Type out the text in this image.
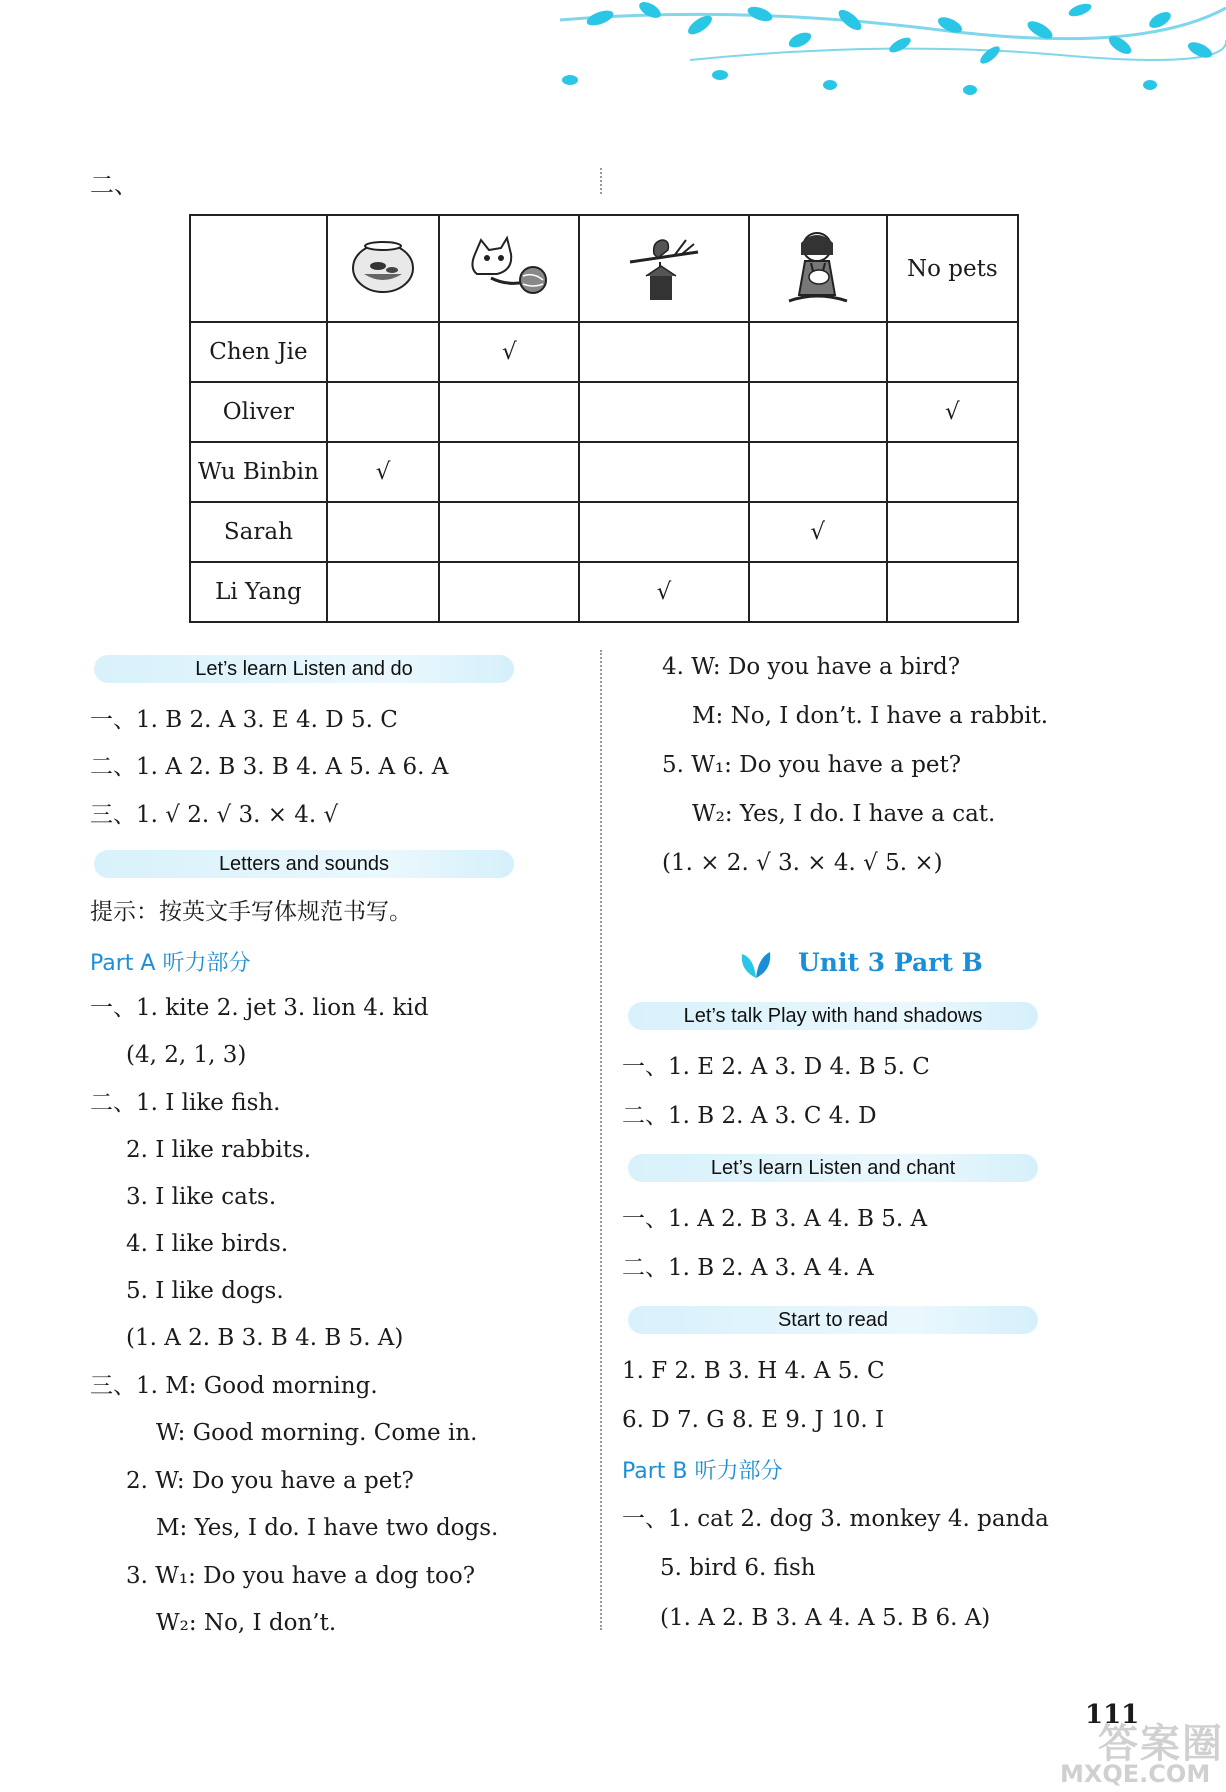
二、
					No pets
Chen Jie		√			
Oliver					√
Wu Binbin	√				
Sarah				√	
Li Yang			√		
Let’s learn Listen and do
一、1. B 2. A 3. E 4. D 5. C
二、1. A 2. B 3. B 4. A 5. A 6. A
三、1. √ 2. √ 3. × 4. √
Letters and sounds
提示：按英文手写体规范书写。
Part A 听力部分
一、1. kite 2. jet 3. lion 4. kid
(4, 2, 1, 3)
二、1. I like fish.
2. I like rabbits.
3. I like cats.
4. I like birds.
5. I like dogs.
(1. A 2. B 3. B 4. B 5. A)
三、1. M: Good morning.
W: Good morning. Come in.
2. W: Do you have a pet?
M: Yes, I do. I have two dogs.
3. W₁: Do you have a dog too?
W₂: No, I don’t.
4. W: Do you have a bird?
M: No, I don’t. I have a rabbit.
5. W₁: Do you have a pet?
W₂: Yes, I do. I have a cat.
(1. × 2. √ 3. × 4. √ 5. ×)
Unit 3 Part B
Let’s talk Play with hand shadows
一、1. E 2. A 3. D 4. B 5. C
二、1. B 2. A 3. C 4. D
Let’s learn Listen and chant
一、1. A 2. B 3. A 4. B 5. A
二、1. B 2. A 3. A 4. A
Start to read
1. F 2. B 3. H 4. A 5. C
6. D 7. G 8. E 9. J 10. I
Part B 听力部分
一、1. cat 2. dog 3. monkey 4. panda
5. bird 6. fish
(1. A 2. B 3. A 4. A 5. B 6. A)
111
答案圈
MXQE.COM
